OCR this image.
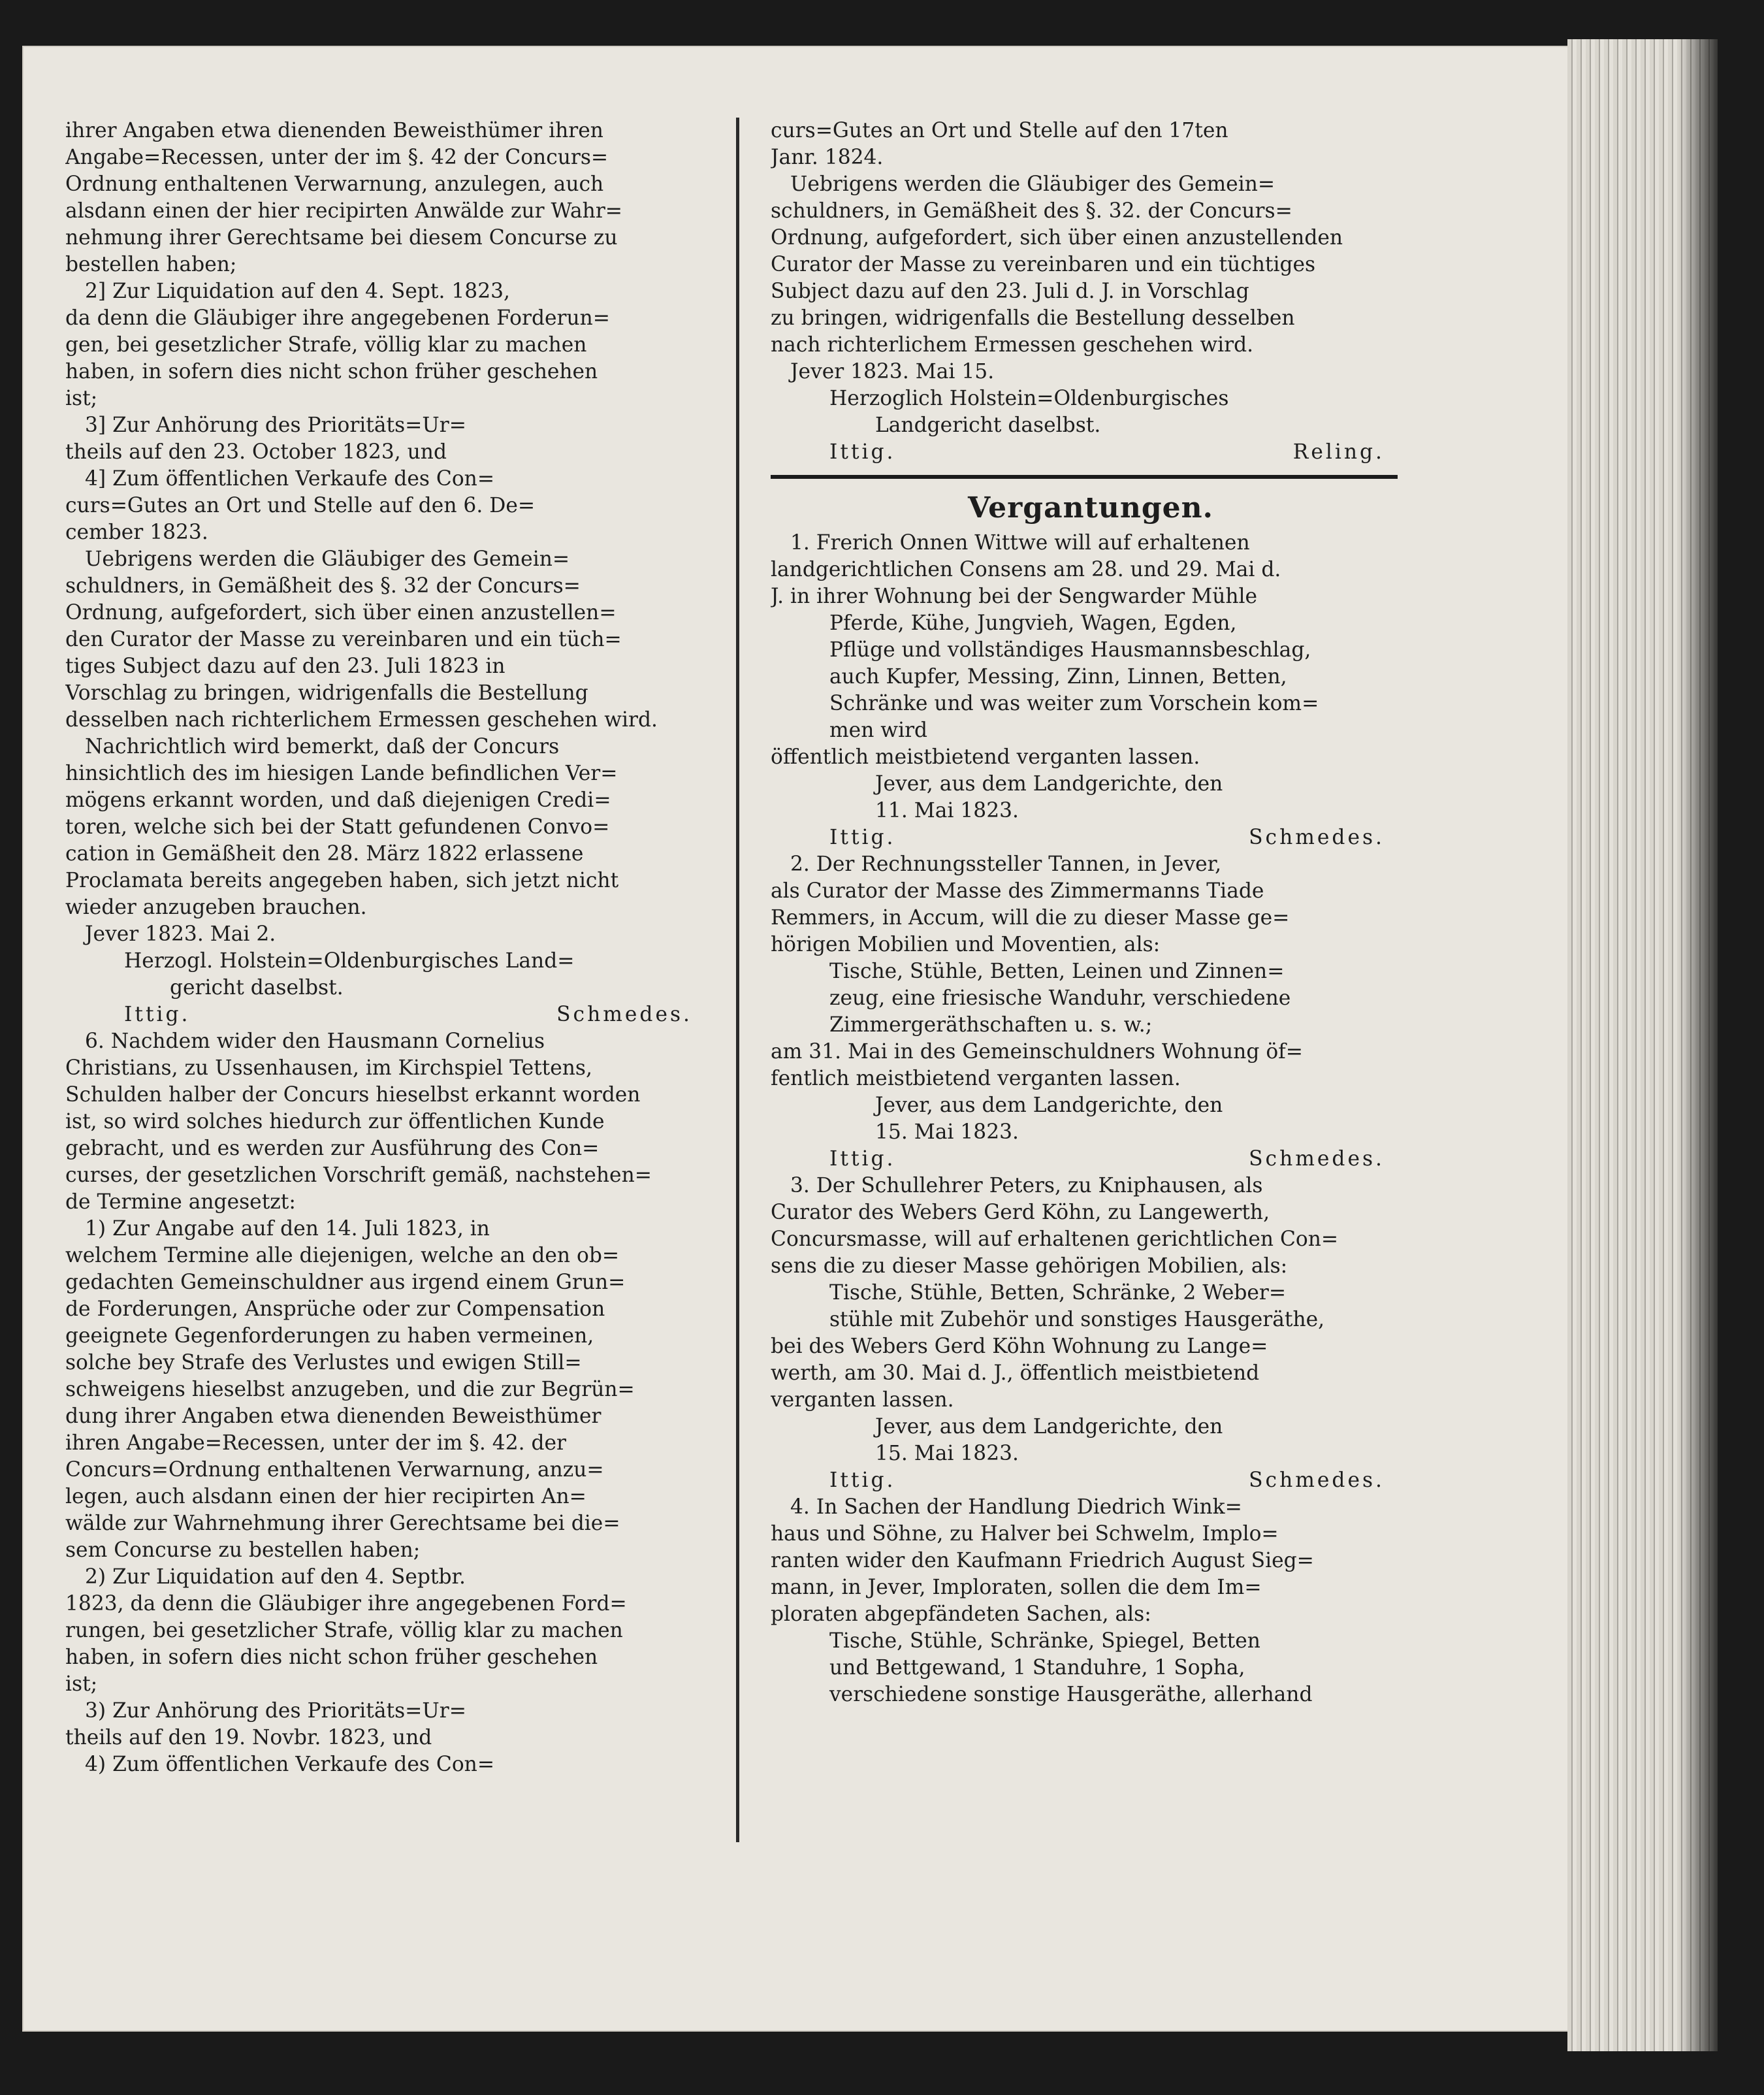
ihrer Angaben etwa dienenden Beweisthümer ihren
Angabe=Recessen, unter der im §. 42 der Concurs=
Ordnung enthaltenen Verwarnung, anzulegen, auch
alsdann einen der hier recipirten Anwälde zur Wahr=
nehmung ihrer Gerechtsame bei diesem Concurse zu
bestellen haben;
2] Zur Liquidation auf den 4. Sept. 1823,
da denn die Gläubiger ihre angegebenen Forderun=
gen, bei gesetzlicher Strafe, völlig klar zu machen
haben, in sofern dies nicht schon früher geschehen
ist;
3] Zur Anhörung des Prioritäts=Ur=
theils auf den 23. October 1823, und
4] Zum öffentlichen Verkaufe des Con=
curs=Gutes an Ort und Stelle auf den 6. De=
cember 1823.
Uebrigens werden die Gläubiger des Gemein=
schuldners, in Gemäßheit des §. 32 der Concurs=
Ordnung, aufgefordert, sich über einen anzustellen=
den Curator der Masse zu vereinbaren und ein tüch=
tiges Subject dazu auf den 23. Juli 1823 in
Vorschlag zu bringen, widrigenfalls die Bestellung
desselben nach richterlichem Ermessen geschehen wird.
Nachrichtlich wird bemerkt, daß der Concurs
hinsichtlich des im hiesigen Lande befindlichen Ver=
mögens erkannt worden, und daß diejenigen Credi=
toren, welche sich bei der Statt gefundenen Convo=
cation in Gemäßheit den 28. März 1822 erlassene
Proclamata bereits angegeben haben, sich jetzt nicht
wieder anzugeben brauchen.
Jever 1823. Mai 2.
Herzogl. Holstein=Oldenburgisches Land=
gericht daselbst.
Ittig.	Schmedes.
6. Nachdem wider den Hausmann Cornelius
Christians, zu Ussenhausen, im Kirchspiel Tettens,
Schulden halber der Concurs hieselbst erkannt worden
ist, so wird solches hiedurch zur öffentlichen Kunde
gebracht, und es werden zur Ausführung des Con=
curses, der gesetzlichen Vorschrift gemäß, nachstehen=
de Termine angesetzt:
1) Zur Angabe auf den 14. Juli 1823, in
welchem Termine alle diejenigen, welche an den ob=
gedachten Gemeinschuldner aus irgend einem Grun=
de Forderungen, Ansprüche oder zur Compensation
geeignete Gegenforderungen zu haben vermeinen,
solche bey Strafe des Verlustes und ewigen Still=
schweigens hieselbst anzugeben, und die zur Begrün=
dung ihrer Angaben etwa dienenden Beweisthümer
ihren Angabe=Recessen, unter der im §. 42. der
Concurs=Ordnung enthaltenen Verwarnung, anzu=
legen, auch alsdann einen der hier recipirten An=
wälde zur Wahrnehmung ihrer Gerechtsame bei die=
sem Concurse zu bestellen haben;
2) Zur Liquidation auf den 4. Septbr.
1823, da denn die Gläubiger ihre angegebenen Ford=
rungen, bei gesetzlicher Strafe, völlig klar zu machen
haben, in sofern dies nicht schon früher geschehen
ist;
3) Zur Anhörung des Prioritäts=Ur=
theils auf den 19. Novbr. 1823, und
4) Zum öffentlichen Verkaufe des Con=
curs=Gutes an Ort und Stelle auf den 17ten
Janr. 1824.
Uebrigens werden die Gläubiger des Gemein=
schuldners, in Gemäßheit des §. 32. der Concurs=
Ordnung, aufgefordert, sich über einen anzustellenden
Curator der Masse zu vereinbaren und ein tüchtiges
Subject dazu auf den 23. Juli d. J. in Vorschlag
zu bringen, widrigenfalls die Bestellung desselben
nach richterlichem Ermessen geschehen wird.
Jever 1823. Mai 15.
Herzoglich Holstein=Oldenburgisches
Landgericht daselbst.
Ittig.	Reling.
Vergantungen.
1. Frerich Onnen Wittwe will auf erhaltenen
landgerichtlichen Consens am 28. und 29. Mai d.
J. in ihrer Wohnung bei der Sengwarder Mühle
Pferde, Kühe, Jungvieh, Wagen, Egden,
Pflüge und vollständiges Hausmannsbeschlag,
auch Kupfer, Messing, Zinn, Linnen, Betten,
Schränke und was weiter zum Vorschein kom=
men wird
öffentlich meistbietend verganten lassen.
Jever, aus dem Landgerichte, den
11. Mai 1823.
Ittig.	Schmedes.
2. Der Rechnungssteller Tannen, in Jever,
als Curator der Masse des Zimmermanns Tiade
Remmers, in Accum, will die zu dieser Masse ge=
hörigen Mobilien und Moventien, als:
Tische, Stühle, Betten, Leinen und Zinnen=
zeug, eine friesische Wanduhr, verschiedene
Zimmergeräthschaften u. s. w.;
am 31. Mai in des Gemeinschuldners Wohnung öf=
fentlich meistbietend verganten lassen.
Jever, aus dem Landgerichte, den
15. Mai 1823.
Ittig.	Schmedes.
3. Der Schullehrer Peters, zu Kniphausen, als
Curator des Webers Gerd Köhn, zu Langewerth,
Concursmasse, will auf erhaltenen gerichtlichen Con=
sens die zu dieser Masse gehörigen Mobilien, als:
Tische, Stühle, Betten, Schränke, 2 Weber=
stühle mit Zubehör und sonstiges Hausgeräthe,
bei des Webers Gerd Köhn Wohnung zu Lange=
werth, am 30. Mai d. J., öffentlich meistbietend
verganten lassen.
Jever, aus dem Landgerichte, den
15. Mai 1823.
Ittig.	Schmedes.
4. In Sachen der Handlung Diedrich Wink=
haus und Söhne, zu Halver bei Schwelm, Implo=
ranten wider den Kaufmann Friedrich August Sieg=
mann, in Jever, Imploraten, sollen die dem Im=
ploraten abgepfändeten Sachen, als:
Tische, Stühle, Schränke, Spiegel, Betten
und Bettgewand, 1 Standuhre, 1 Sopha,
verschiedene sonstige Hausgeräthe, allerhand
